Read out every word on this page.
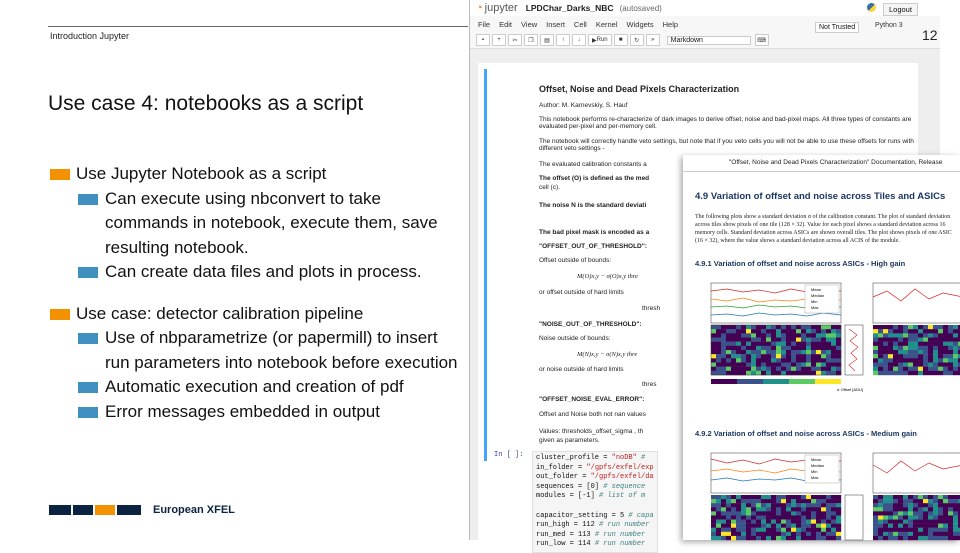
Introduction Jupyter
Use case 4: notebooks as a script
Use Jupyter Notebook as a script
Can execute using nbconvert to take commands in notebook, execute them, save resulting notebook.
Can create data files and plots in process.
Use case: detector calibration pipeline
Use of nbparametrize (or papermill) to insert run parameters into notebook before execution
Automatic execution and creation of pdf
Error messages embedded in output
European XFEL
◔ jupyter LPDChar_Darks_NBC (autosaved)	Logout
File Edit View Insert Cell Kernel Widgets Help	Not Trusted	Python 3
▪	+	✂	❐	▤	↑	↓	▶ Run	■	↻	»	Markdown	⌨
Offset, Noise and Dead Pixels Characterization
Author: M. Karnevskiy, S. Hauf
This notebook performs re-characterize of dark images to derive offset, noise and bad-pixel maps. All three types of constants are evaluated per-pixel and per-memory cell.
The notebook will correctly handle veto settings, but note that if you veto cells you will not be able to use these offsets for runs with different veto settings -
The evaluated calibration constants a
The offset (O) is defined as the med
cell (c).
The noise N is the standard deviati
The bad pixel mask is encoded as a
"OFFSET_OUT_OF_THRESHOLD":
Offset outside of bounds:
M(O)x,y − σ(O)x,y thre
or offset outside of hard limits
thresh
"NOISE_OUT_OF_THRESHOLD":
Noise outside of bounds:
M(N)x,y − σ(N)x,y thre
or noise outside of hard limits
thres
"OFFSET_NOISE_EVAL_ERROR":
Offset and Noise both not nan values
Values: thresholds_offset_sigma , th
given as parameters.
In [ ]: cluster_profile = "noDB" #
in_folder = "/gpfs/exfel/exp
out_folder = "/gpfs/exfel/da
sequences = [0] # sequence
modules = [-1] # list of m

capacitor_setting = 5 # capa
run_high = 112 # run number
run_med = 113 # run number
run_low = 114 # run number
"Offset, Noise and Dead Pixels Characterization" Documentation, Release
4.9 Variation of offset and noise across Tiles and ASICs
The following plots show a standard deviation σ of the calibration constant. The plot of standard deviation across tiles show pixels of one tile (128 × 32). Value for each pixel shows a standard deviation across 16 memory cells. Standard deviation across ASICs are shown overall tiles. The plot shows pixels of one ASIC (16 × 32), where the value shows a standard deviation across all ACIS of the module.
4.9.1 Variation of offset and noise across ASICs - High gain
Mean
Median
Min
Max
σ Offset [ADU]
4.9.2 Variation of offset and noise across ASICs - Medium gain
Mean
Median
Min
Max
12
